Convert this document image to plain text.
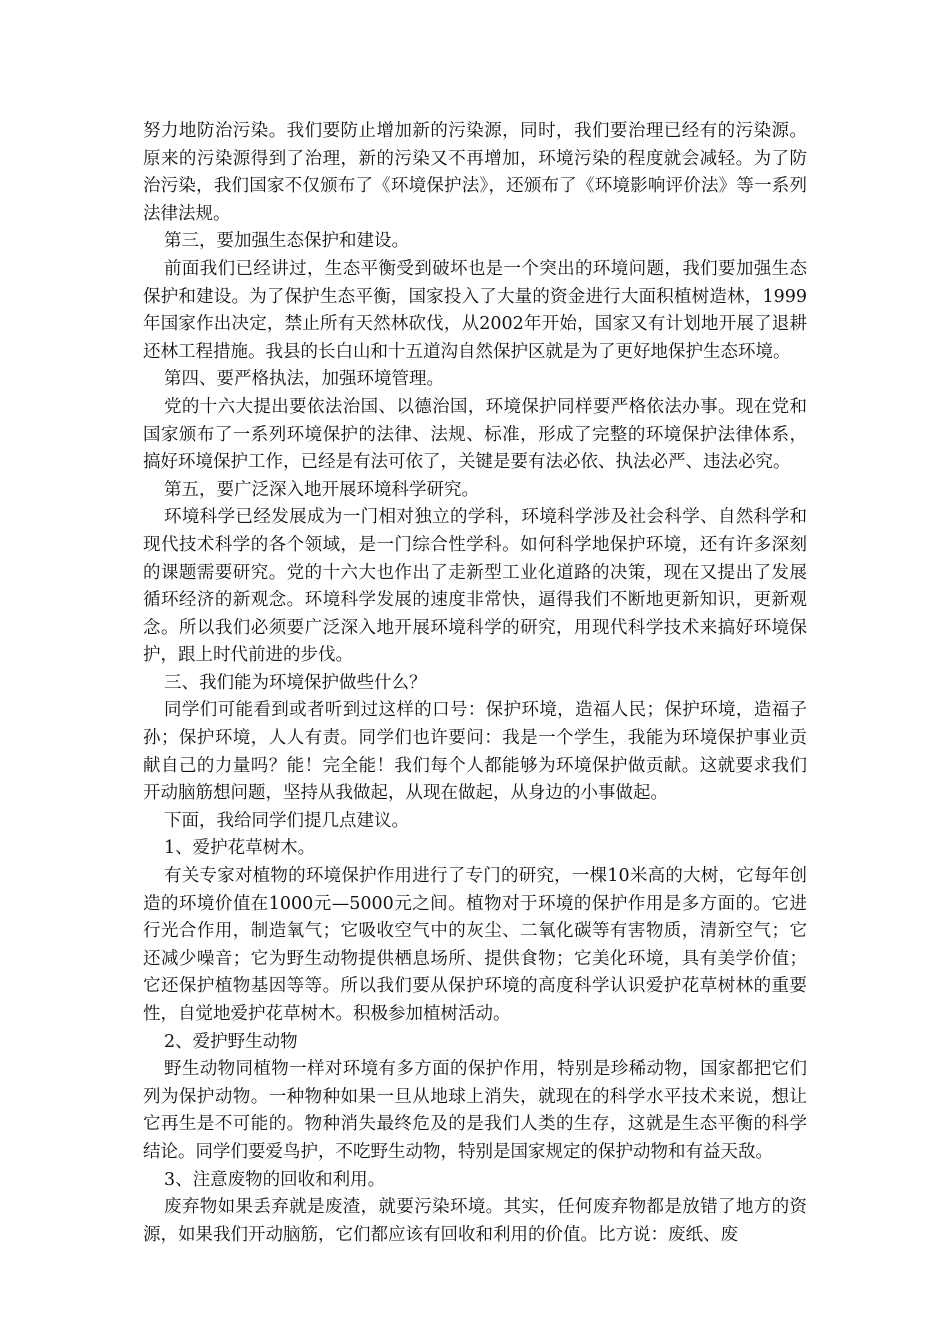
努力地防治污染。我们要防止增加新的污染源，同时，我们要治理已经有的污染源。原来的污染源得到了治理，新的污染又不再增加，环境污染的程度就会减轻。为了防治污染，我们国家不仅颁布了《环境保护法》，还颁布了《环境影响评价法》等一系列法律法规。

第三，要加强生态保护和建设。

前面我们已经讲过，生态平衡受到破坏也是一个突出的环境问题，我们要加强生态保护和建设。为了保护生态平衡，国家投入了大量的资金进行大面积植树造林，1999年国家作出决定，禁止所有天然林砍伐，从2002年开始，国家又有计划地开展了退耕还林工程措施。我县的长白山和十五道沟自然保护区就是为了更好地保护生态环境。

第四、要严格执法，加强环境管理。

党的十六大提出要依法治国、以德治国，环境保护同样要严格依法办事。现在党和国家颁布了一系列环境保护的法律、法规、标准，形成了完整的环境保护法律体系，搞好环境保护工作，已经是有法可依了，关键是要有法必依、执法必严、违法必究。

第五，要广泛深入地开展环境科学研究。

环境科学已经发展成为一门相对独立的学科，环境科学涉及社会科学、自然科学和现代技术科学的各个领域，是一门综合性学科。如何科学地保护环境，还有许多深刻的课题需要研究。党的十六大也作出了走新型工业化道路的决策，现在又提出了发展循环经济的新观念。环境科学发展的速度非常快，逼得我们不断地更新知识，更新观念。所以我们必须要广泛深入地开展环境科学的研究，用现代科学技术来搞好环境保护，跟上时代前进的步伐。

三、我们能为环境保护做些什么？

同学们可能看到或者听到过这样的口号：保护环境，造福人民；保护环境，造福子孙；保护环境，人人有责。同学们也许要问：我是一个学生，我能为环境保护事业贡献自己的力量吗？能！完全能！我们每个人都能够为环境保护做贡献。这就要求我们开动脑筋想问题，坚持从我做起，从现在做起，从身边的小事做起。

下面，我给同学们提几点建议。

1、爱护花草树木。

有关专家对植物的环境保护作用进行了专门的研究，一棵10米高的大树，它每年创造的环境价值在1000元—5000元之间。植物对于环境的保护作用是多方面的。它进行光合作用，制造氧气；它吸收空气中的灰尘、二氧化碳等有害物质，清新空气；它还减少噪音；它为野生动物提供栖息场所、提供食物；它美化环境，具有美学价值；它还保护植物基因等等。所以我们要从保护环境的高度科学认识爱护花草树林的重要性，自觉地爱护花草树木。积极参加植树活动。

2、爱护野生动物

野生动物同植物一样对环境有多方面的保护作用，特别是珍稀动物，国家都把它们列为保护动物。一种物种如果一旦从地球上消失，就现在的科学水平技术来说，想让它再生是不可能的。物种消失最终危及的是我们人类的生存，这就是生态平衡的科学结论。同学们要爱鸟护，不吃野生动物，特别是国家规定的保护动物和有益天敌。

3、注意废物的回收和利用。

废弃物如果丢弃就是废渣，就要污染环境。其实，任何废弃物都是放错了地方的资源，如果我们开动脑筋，它们都应该有回收和利用的价值。比方说：废纸、废
